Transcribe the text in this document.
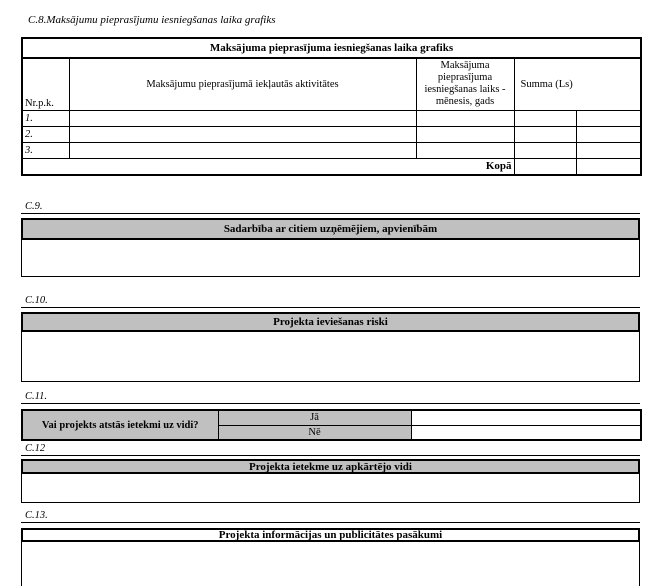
C.8.Maksājumu pieprasījumu iesniegšanas laika grafiks
Maksājuma pieprasījuma iesniegšanas laika grafiks				
Nr.p.k.	Maksājumu pieprasījumā iekļautās aktivitātes	Maksājuma pieprasījuma iesniegšanas laiks - mēnesis, gads	Summa (Ls)	
1.				
2.				
3.				
Kopā				
C.9.
Sadarbība ar citiem uzņēmējiem, apvienībām
C.10.
Projekta ieviešanas riski
C.11.
Vai projekts atstās ietekmi uz vidi?	Jā	
	Nē	
C.12
Projekta ietekme uz apkārtējo vidi
C.13.
Projekta informācijas un publicitātes pasākumi
